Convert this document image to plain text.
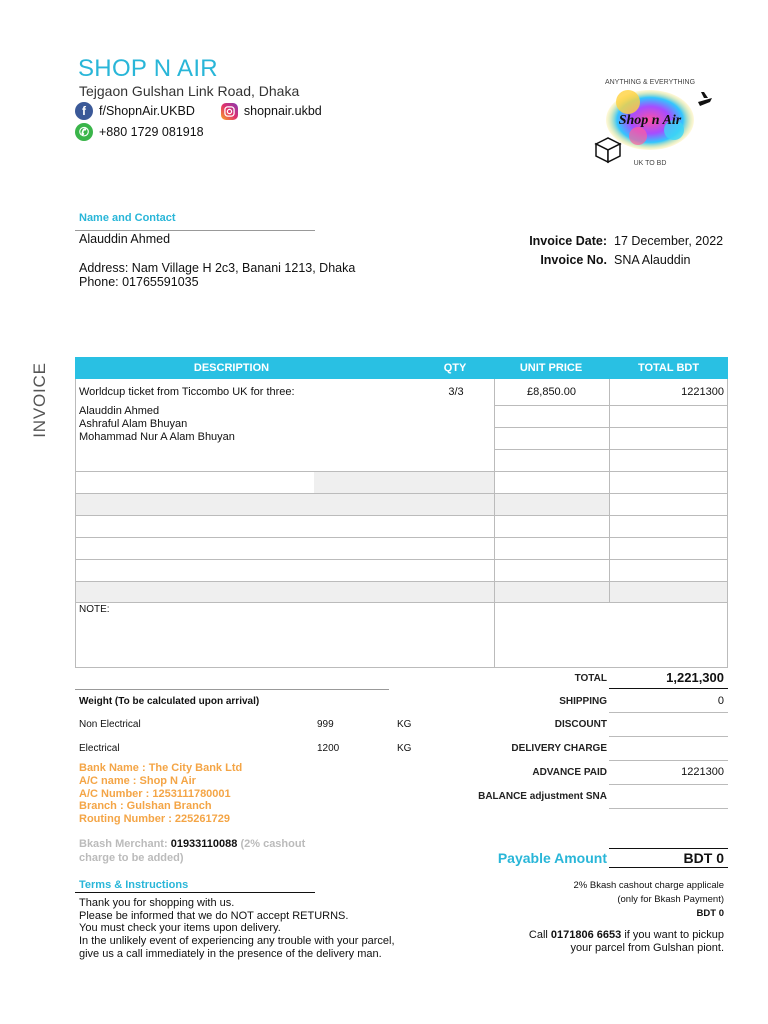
SHOP N AIR
Tejgaon Gulshan Link Road, Dhaka
f	f/ShopnAir.UKBD	shopnair.ukbd
✆ +880 1729 081918
Shop n Air
ANYTHING & EVERYTHING
UK TO BD
Name and Contact
Alauddin Ahmed
Address: Nam Village H 2c3, Banani 1213, Dhaka
Phone: 01765591035
Invoice Date: 17 December, 2022
Invoice No. SNA Alauddin
INVOICE	DESCRIPTION	QTY	UNIT PRICE	TOTAL BDT
Worldcup ticket from Ticcombo UK for three:
Alauddin Ahmed
Ashraful Alam Bhuyan
Mohammad Nur A Alam Bhuyan
3/3	£8,850.00	1221300
NOTE:
TOTAL	1,221,300
SHIPPING	0
DISCOUNT
DELIVERY CHARGE
ADVANCE PAID	1221300
BALANCE adjustment SNA
Payable Amount	BDT 0
Weight (To be calculated upon arrival)
Non Electrical	999	KG
Electrical	1200	KG
Bank Name : The City Bank Ltd
A/C name : Shop N Air
A/C Number : 1253111780001
Branch : Gulshan Branch
Routing Number : 225261729
Bkash Merchant: 01933110088 (2% cashout
charge to be added)
Terms & Instructions
Thank you for shopping with us.
Please be informed that we do NOT accept RETURNS.
You must check your items upon delivery.
In the unlikely event of experiencing any trouble with your parcel,
give us a call immediately in the presence of the delivery man.
2% Bkash cashout charge applicale
(only for Bkash Payment)
BDT 0
Call 0171806 6653 if you want to pickup
your parcel from Gulshan piont.
